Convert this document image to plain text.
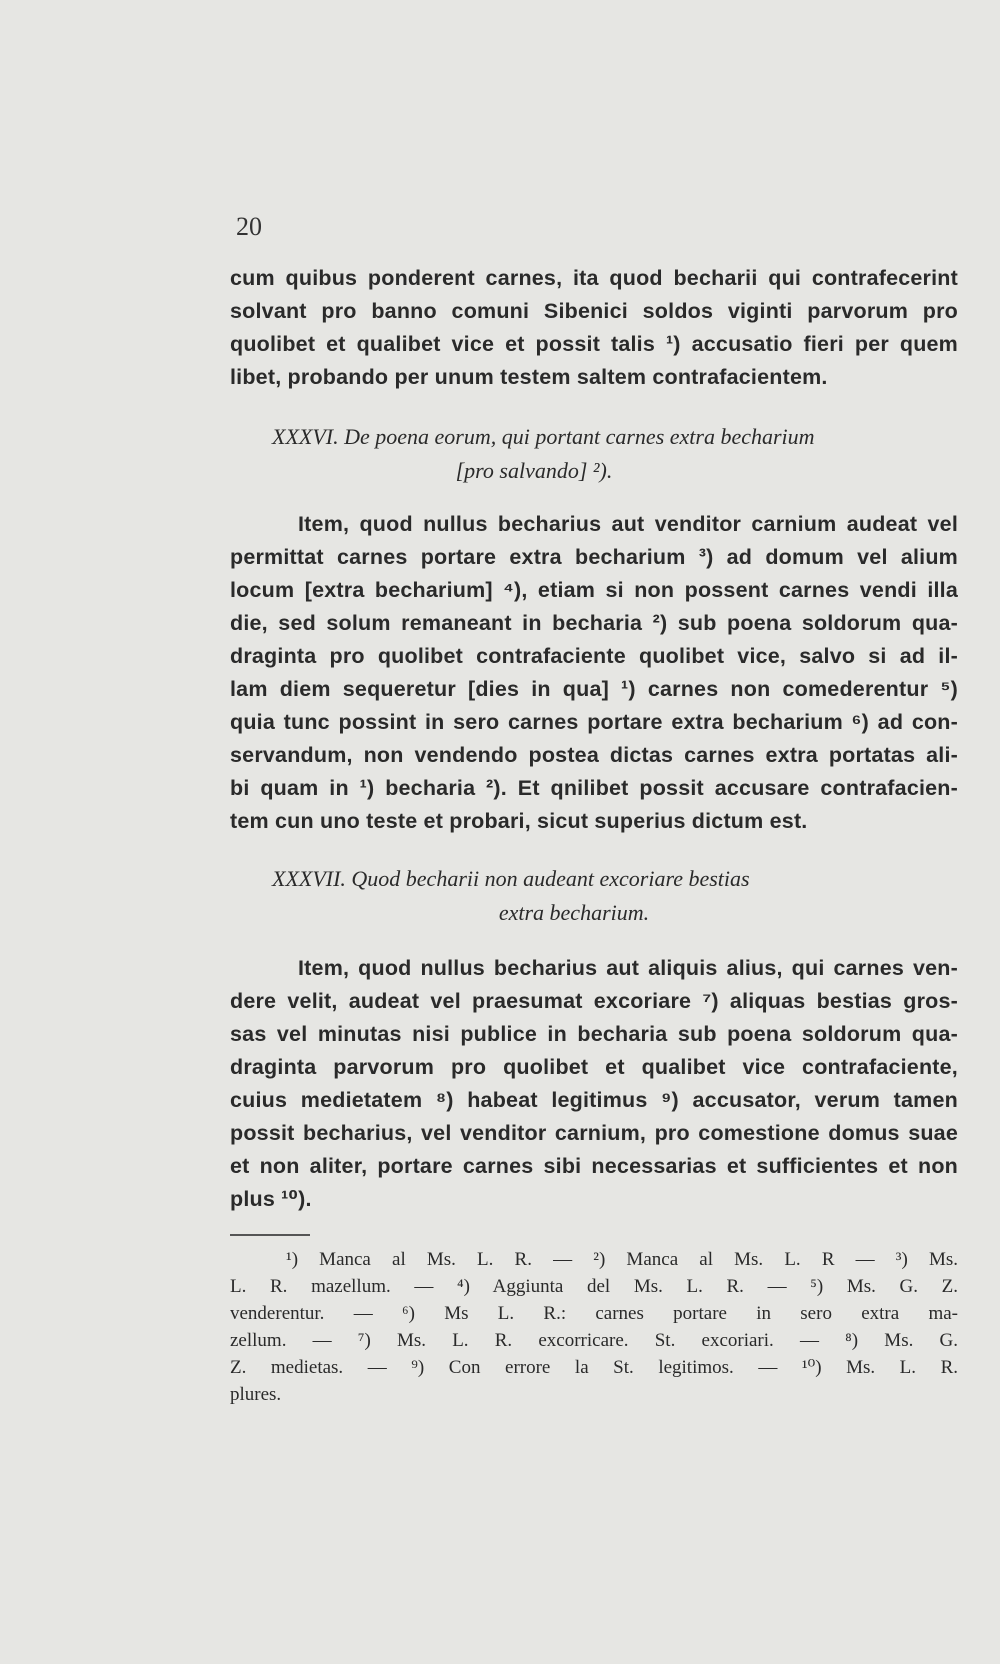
20
cum quibus ponderent carnes, ita quod becharii qui contrafecerint
solvant pro banno comuni Sibenici soldos viginti parvorum pro
quolibet et qualibet vice et possit talis ¹) accusatio fieri per quem
libet, probando per unum testem saltem contrafacientem.
XXXVI. De poena eorum, qui portant carnes extra becharium
[pro salvando] ²).
Item, quod nullus becharius aut venditor carnium audeat vel
permittat carnes portare extra becharium ³) ad domum vel alium
locum [extra becharium] ⁴), etiam si non possent carnes vendi illa
die, sed solum remaneant in becharia ²) sub poena soldorum qua-
draginta pro quolibet contrafaciente quolibet vice, salvo si ad il-
lam diem sequeretur [dies in qua] ¹) carnes non comederentur ⁵)
quia tunc possint in sero carnes portare extra becharium ⁶) ad con-
servandum, non vendendo postea dictas carnes extra portatas ali-
bi quam in ¹) becharia ²). Et qnilibet possit accusare contrafacien-
tem cun uno teste et probari, sicut superius dictum est.
XXXVII. Quod becharii non audeant excoriare bestias
extra becharium.
Item, quod nullus becharius aut aliquis alius, qui carnes ven-
dere velit, audeat vel praesumat excoriare ⁷) aliquas bestias gros-
sas vel minutas nisi publice in becharia sub poena soldorum qua-
draginta parvorum pro quolibet et qualibet vice contrafaciente,
cuius medietatem ⁸) habeat legitimus ⁹) accusator, verum tamen
possit becharius, vel venditor carnium, pro comestione domus suae
et non aliter, portare carnes sibi necessarias et sufficientes et non
plus ¹⁰).
¹) Manca al Ms. L. R. — ²) Manca al Ms. L. R — ³) Ms.
L. R. mazellum. — ⁴) Aggiunta del Ms. L. R. — ⁵) Ms. G. Z.
venderentur. — ⁶) Ms L. R.: carnes portare in sero extra ma-
zellum. — ⁷) Ms. L. R. excorricare. St. excoriari. — ⁸) Ms. G.
Z. medietas. — ⁹) Con errore la St. legitimos. — ¹⁰) Ms. L. R.
plures.
